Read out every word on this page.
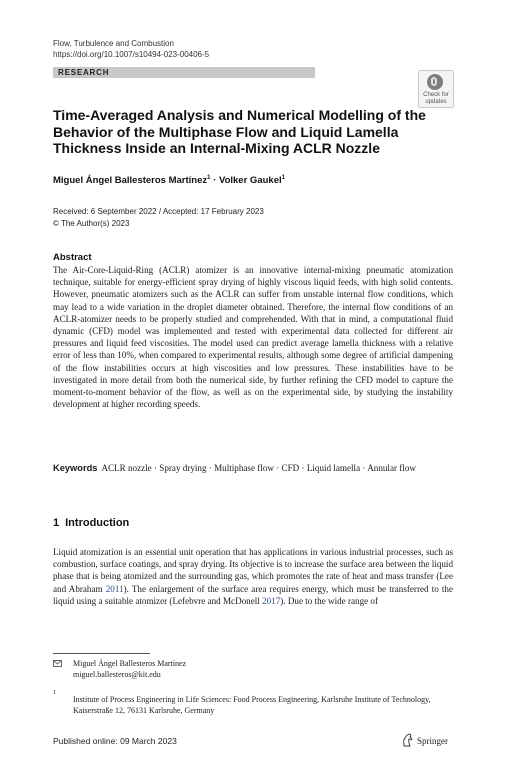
Flow, Turbulence and Combustion
https://doi.org/10.1007/s10494-023-00406-5
RESEARCH
Check for
updates
Time-Averaged Analysis and Numerical Modelling of the Behavior of the Multiphase Flow and Liquid Lamella Thickness Inside an Internal-Mixing ACLR Nozzle
Miguel Ángel Ballesteros Martínez$^1$ · Volker Gaukel$^1$
Received: 6 September 2022 / Accepted: 17 February 2023
© The Author(s) 2023
Abstract
The Air-Core-Liquid-Ring (ACLR) atomizer is an innovative internal-mixing pneumatic atomization technique, suitable for energy-efficient spray drying of highly viscous liquid feeds, with high solid contents. However, pneumatic atomizers such as the ACLR can suffer from unstable internal flow conditions, which may lead to a wide variation in the droplet diameter obtained. Therefore, the internal flow conditions of an ACLR-atomizer needs to be properly studied and comprehended. With that in mind, a computational fluid dynamic (CFD) model was implemented and tested with experimental data collected for different air pressures and liquid feed viscosities. The model used can predict average lamella thickness with a relative error of less than 10%, when compared to experimental results, although some degree of artificial dampening of the flow instabilities occurs at high viscosities and low pressures. These instabilities have to be investigated in more detail from both the numerical side, by further refining the CFD model to capture the moment-to-moment behavior of the flow, as well as on the experimental side, by studying the instability development at higher recording speeds.
Keywords ACLR nozzle · Spray drying · Multiphase flow · CFD · Liquid lamella · Annular flow
1 Introduction
Liquid atomization is an essential unit operation that has applications in various industrial processes, such as combustion, surface coatings, and spray drying. Its objective is to increase the surface area between the liquid phase that is being atomized and the surrounding gas, which promotes the rate of heat and mass transfer (Lee and Abraham 2011). The enlargement of the surface area requires energy, which must be transferred to the liquid using a suitable atomizer (Lefebvre and McDonell 2017). Due to the wide range of
Miguel Ángel Ballesteros Martínez
miguel.ballesteros@kit.edu
1
Institute of Process Engineering in Life Sciences: Food Process Engineering, Karlsruhe Institute of Technology, Kaiserstraße 12, 76131 Karlsruhe, Germany
Published online: 09 March 2023	Springer
